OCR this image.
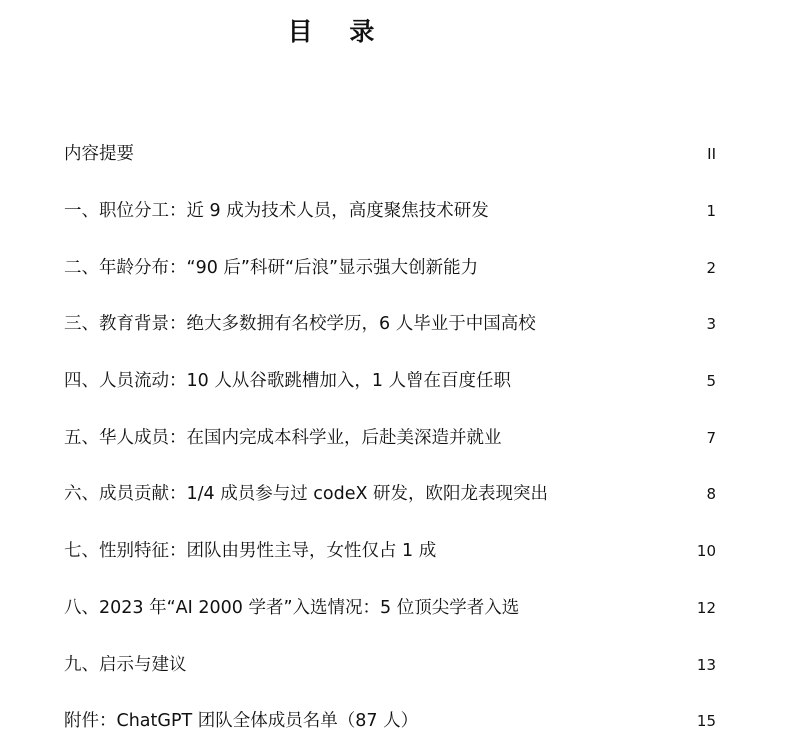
目 录
内容提要	II
一、职位分工：近 9 成为技术人员，高度聚焦技术研发	1
二、年龄分布：“90 后”科研“后浪”显示强大创新能力	2
三、教育背景：绝大多数拥有名校学历，6 人毕业于中国高校	3
四、人员流动：10 人从谷歌跳槽加入，1 人曾在百度任职	5
五、华人成员：在国内完成本科学业，后赴美深造并就业	7
六、成员贡献：1/4 成员参与过 codeX 研发，欧阳龙表现突出	8
七、性别特征：团队由男性主导，女性仅占 1 成	10
八、2023 年“AI 2000 学者”入选情况：5 位顶尖学者入选	12
九、启示与建议	13
附件：ChatGPT 团队全体成员名单（87 人）	15
